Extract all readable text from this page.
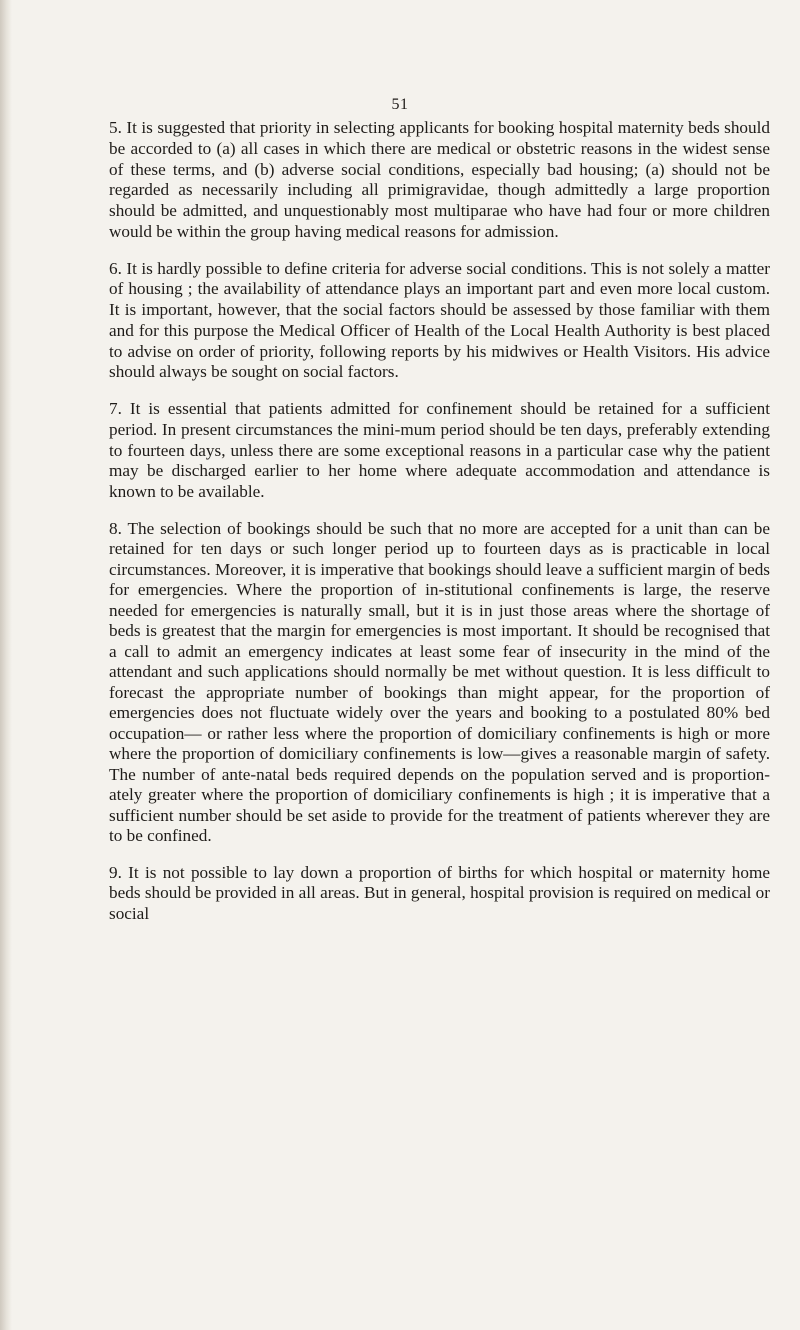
51

5. It is suggested that priority in selecting applicants for booking hospital maternity beds should be accorded to (a) all cases in which there are medical or obstetric reasons in the widest sense of these terms, and (b) adverse social conditions, especially bad housing; (a) should not be regarded as necessarily including all primigravidae, though admittedly a large proportion should be admitted, and unquestionably most multiparae who have had four or more children would be within the group having medical reasons for admission.

6. It is hardly possible to define criteria for adverse social conditions. This is not solely a matter of housing ; the availability of attendance plays an important part and even more local custom. It is important, however, that the social factors should be assessed by those familiar with them and for this purpose the Medical Officer of Health of the Local Health Authority is best placed to advise on order of priority, following reports by his midwives or Health Visitors. His advice should always be sought on social factors.

7. It is essential that patients admitted for confinement should be retained for a sufficient period. In present circumstances the mini-mum period should be ten days, preferably extending to fourteen days, unless there are some exceptional reasons in a particular case why the patient may be discharged earlier to her home where adequate accommodation and attendance is known to be available.

8. The selection of bookings should be such that no more are accepted for a unit than can be retained for ten days or such longer period up to fourteen days as is practicable in local circumstances. Moreover, it is imperative that bookings should leave a sufficient margin of beds for emergencies. Where the proportion of in-stitutional confinements is large, the reserve needed for emergencies is naturally small, but it is in just those areas where the shortage of beds is greatest that the margin for emergencies is most important. It should be recognised that a call to admit an emergency indicates at least some fear of insecurity in the mind of the attendant and such applications should normally be met without question. It is less difficult to forecast the appropriate number of bookings than might appear, for the proportion of emergencies does not fluctuate widely over the years and booking to a postulated 80% bed occupation— or rather less where the proportion of domiciliary confinements is high or more where the proportion of domiciliary confinements is low—gives a reasonable margin of safety. The number of ante-natal beds required depends on the population served and is proportion-ately greater where the proportion of domiciliary confinements is high ; it is imperative that a sufficient number should be set aside to provide for the treatment of patients wherever they are to be confined.

9. It is not possible to lay down a proportion of births for which hospital or maternity home beds should be provided in all areas. But in general, hospital provision is required on medical or social
